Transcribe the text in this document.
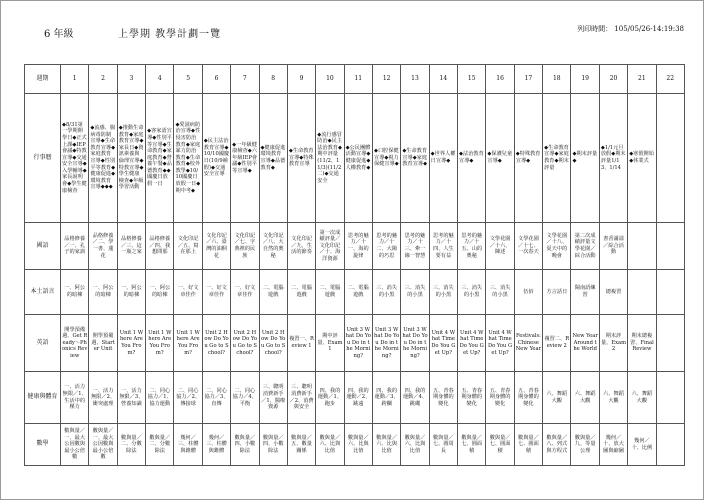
6 年級	上學期 教學計劃一覽	列印時間： 105/05/26-14:19:38
週期	1	2	3	4	5	6	7	8	9	10	11	12	13	14	15	16	17	18	19	20	21	22
行事曆	◆8/31第一學期開學日◆正式上課◆IEP會議◆特教宣導◆交通安全宣導◆入學輔導◆家長說明會◆學生健康檢查	◆流感、腸病毒防制宣導◆生命教育宣導◆家庭教育宣導◆性別平等教育◆健康促進◆環境教育宣導◆◆◆	◆推動生命教育◆家庭教育宣導◆家長日◆資訊素養與倫理宣導◆特教宣導◆學生健康檢查◆年級學習活動	◆客家語宣導◆性別平等宣導◆生命教育◆家庭教育◆營養午餐◆品德教育◆◆國慶日放假一日	◆愛滋病防治宣導◆性侵害防治教育◆家庭暴力防治教育◆生命教育◆校外教學◆10/10國慶日放假一日◆期中考◆	◆民主法治教育宣導◆10/10國慶日(10/9補假)◆交通安全宣導	◆一年級健康檢查◆六年級IEP會議◆性別平等宣導◆	◆健康促進環境教育宣導◆品德教育◆	◆生命教育宣導◆特殊教育宣導	◆流行感冒防治◆民主法治教育◆期中評量(11/2、11/3)(11/2二)◆交通安全	◆公民團體活動宣導◆健康促進◆人權教育◆	◆口腔保健宣導◆視力保健宣導◆	◆生命教育宣導◆家庭教育宣導◆	◆世界人權日宣導◆	◆法治教育宣導◆	◆保護兒童宣導◆	◆特殊教育宣導◆	◆生命教育宣導◆家庭教育◆期末評量	◆期末評量◆	◆1/1元旦放假◆期末評量1/13、1/14	◆寒假開始◆休業式	
國語	品格修養／一、孔子的家訓	品格修養／二、學一書、蓮花	品格修養／三、這一瓶之家	品格修養／四、我想問那	文化印記／五、寫在那上	文化印記／六、臺灣的油桐花	文化印記／七、字典裡的民族	文化印記／八、大自然的奧秘	文化印記／九、生活的節奏	第一次成績評量／文化印記／十、海洋資源	思考的魅力／十一、海的旋律	思考的魅力／十二、大陽的巧思	思考的魅力／十三、牽一線一智慧	思考的魅力／十四、人生要有益	思考的魅力／十五、山的奧秘	文學花園／十六、陳述	文學花園／十七、一次春天	文學花園／十八、夏天中的晚會	第二次成績評量文學花園／綜合活動	書香滿溢／綜合活動		
本土語言	一、阿公的暗棟	一、阿公的暗棟	一、阿公的暗棟	一、阿公的暗棟	一、好文章佳作	一、好文章佳作	一、好文章佳作	二、電腦遊戲	二、電腦遊戲	二、電腦遊戲	二、電腦遊戲	三、消失的小黑	三、消失的小黑	三、消失的小黑	三、消失的小黑	三、消失的小黑	伍佰	方言話日	閩南語練習	總複習		
英語	開學預備週、Get Ready～Phonics Review	開學預備週、Starter Unit	Unit 1 Where Are You From?	Unit 1 Where Are You From?	Unit 1 Where Are You From?	Unit 2 How Do You Go to School?	Unit 2 How Do You Go to School?	Unit 2 How Do You Go to School?	複習一、Review 1	期中評量、Exam 1	Unit 3 What Do You Do in the Morning?	Unit 3 What Do You Do in the Morning?	Unit 3 What Do You Do in the Morning?	Unit 4 What Time Do You Get Up?	Unit 4 What Time Do You Get Up?	Unit 4 What Time Do You Get Up?	Festivals: Chinese New Year	複習二、Review 2	New Year Around the World	期末評量、Exam 2	期末總複習、Final Review	
健康與體育	一、活力無限／1、生活中的壓力	一、活力無限／2、衝突處理	一、活力無限／3、營養知識	二、同心協力／1、協力運動	二、同心協力／2、傳接球	二、同心協力／3、直傳	二、同心協力／4、平衡	三、聰明消費新手／1、醫療資源	三、聰明消費新手／2、消費與安全	四、我的運動／1、跑步	四、我的運動／2、跳遠	四、我的運動／3、跨欄	四、我的運動／4、跳繩	五、青春期身體的變化	五、青春期身體的變化	五、青春期身體的變化	五、青春期身體的變化	六、舞蹈大觀	六、舞蹈大觀	六、舞蹈大觀	六、舞蹈大觀	
數學	數與量／一、最大公因數與最小公倍數	數與量／一、最大公因數與最小公倍數	數與量／二、分數除法	數與量／二、分數除法	幾何／三、柱體與錐體	幾何／三、柱體與錐體	數與量／四、小數除法	數與量／四、小數除法	數與量／五、數量關係	數與量／六、比與比值	數與量／六、比與比值	數與量／六、比與比值	數與量／六、比與比值	數與量／七、圓周長	數與量／七、圓面積	數與量／七、圓面積	數與量／七、圓面積	數與量／八、列式與方程式	數與量／九、等量公理	幾何／十、放大圖與縮圖	幾何／十、比例	
